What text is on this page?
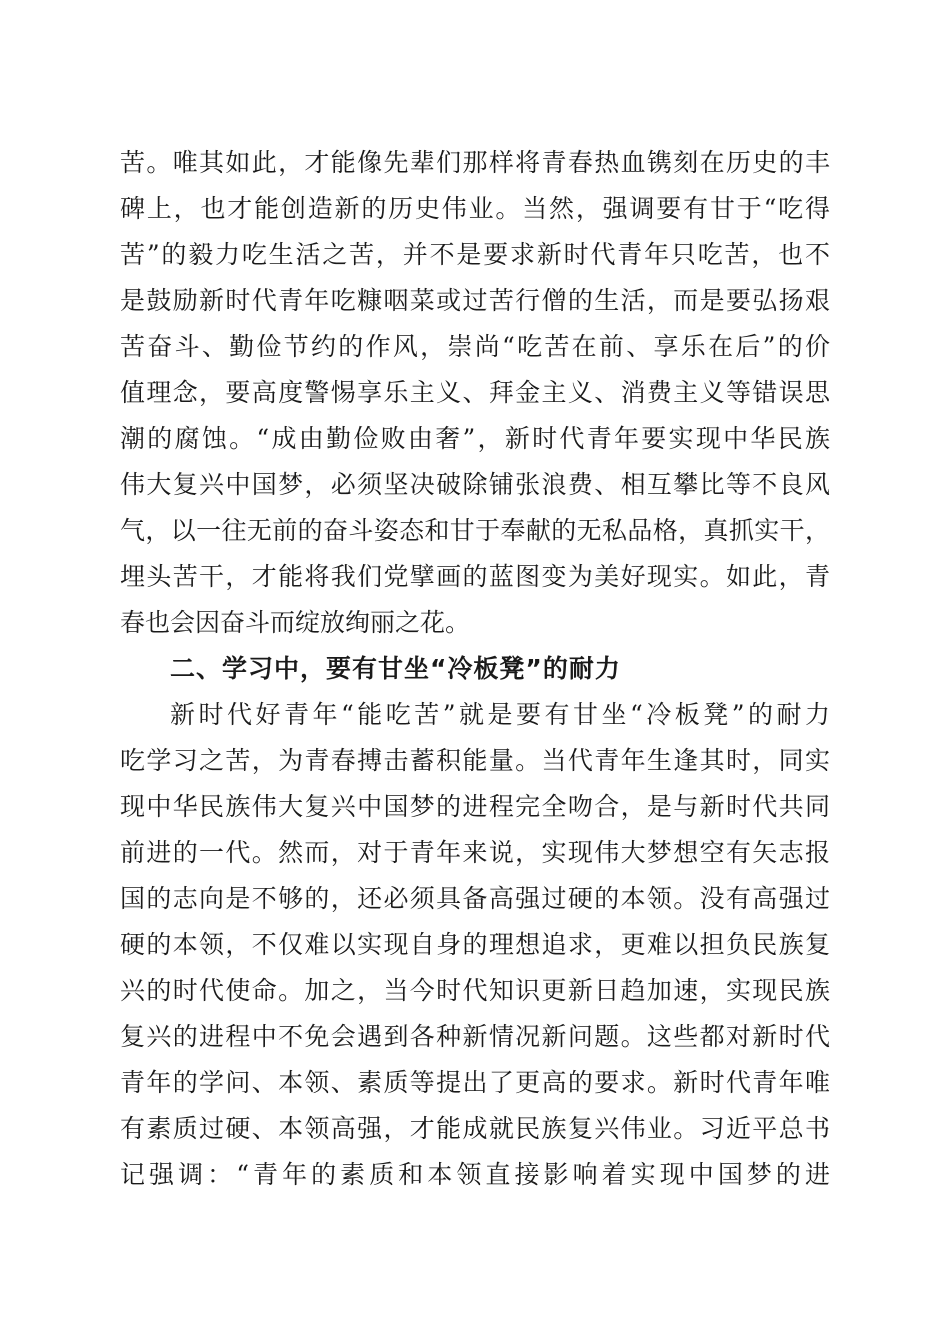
苦。唯其如此，才能像先辈们那样将青春热血镌刻在历史的丰
碑上，也才能创造新的历史伟业。当然，强调要有甘于“吃得
苦”的毅力吃生活之苦，并不是要求新时代青年只吃苦，也不
是鼓励新时代青年吃糠咽菜或过苦行僧的生活，而是要弘扬艰
苦奋斗、勤俭节约的作风，崇尚“吃苦在前、享乐在后”的价
值理念，要高度警惕享乐主义、拜金主义、消费主义等错误思
潮的腐蚀。“成由勤俭败由奢”，新时代青年要实现中华民族
伟大复兴中国梦，必须坚决破除铺张浪费、相互攀比等不良风
气，以一往无前的奋斗姿态和甘于奉献的无私品格，真抓实干，
埋头苦干，才能将我们党擘画的蓝图变为美好现实。如此，青
春也会因奋斗而绽放绚丽之花。
二、学习中，要有甘坐“冷板凳”的耐力
新时代好青年“能吃苦”就是要有甘坐“冷板凳”的耐力
吃学习之苦，为青春搏击蓄积能量。当代青年生逢其时，同实
现中华民族伟大复兴中国梦的进程完全吻合，是与新时代共同
前进的一代。然而，对于青年来说，实现伟大梦想空有矢志报
国的志向是不够的，还必须具备高强过硬的本领。没有高强过
硬的本领，不仅难以实现自身的理想追求，更难以担负民族复
兴的时代使命。加之，当今时代知识更新日趋加速，实现民族
复兴的进程中不免会遇到各种新情况新问题。这些都对新时代
青年的学问、本领、素质等提出了更高的要求。新时代青年唯
有素质过硬、本领高强，才能成就民族复兴伟业。习近平总书
记强调：“青年的素质和本领直接影响着实现中国梦的进
